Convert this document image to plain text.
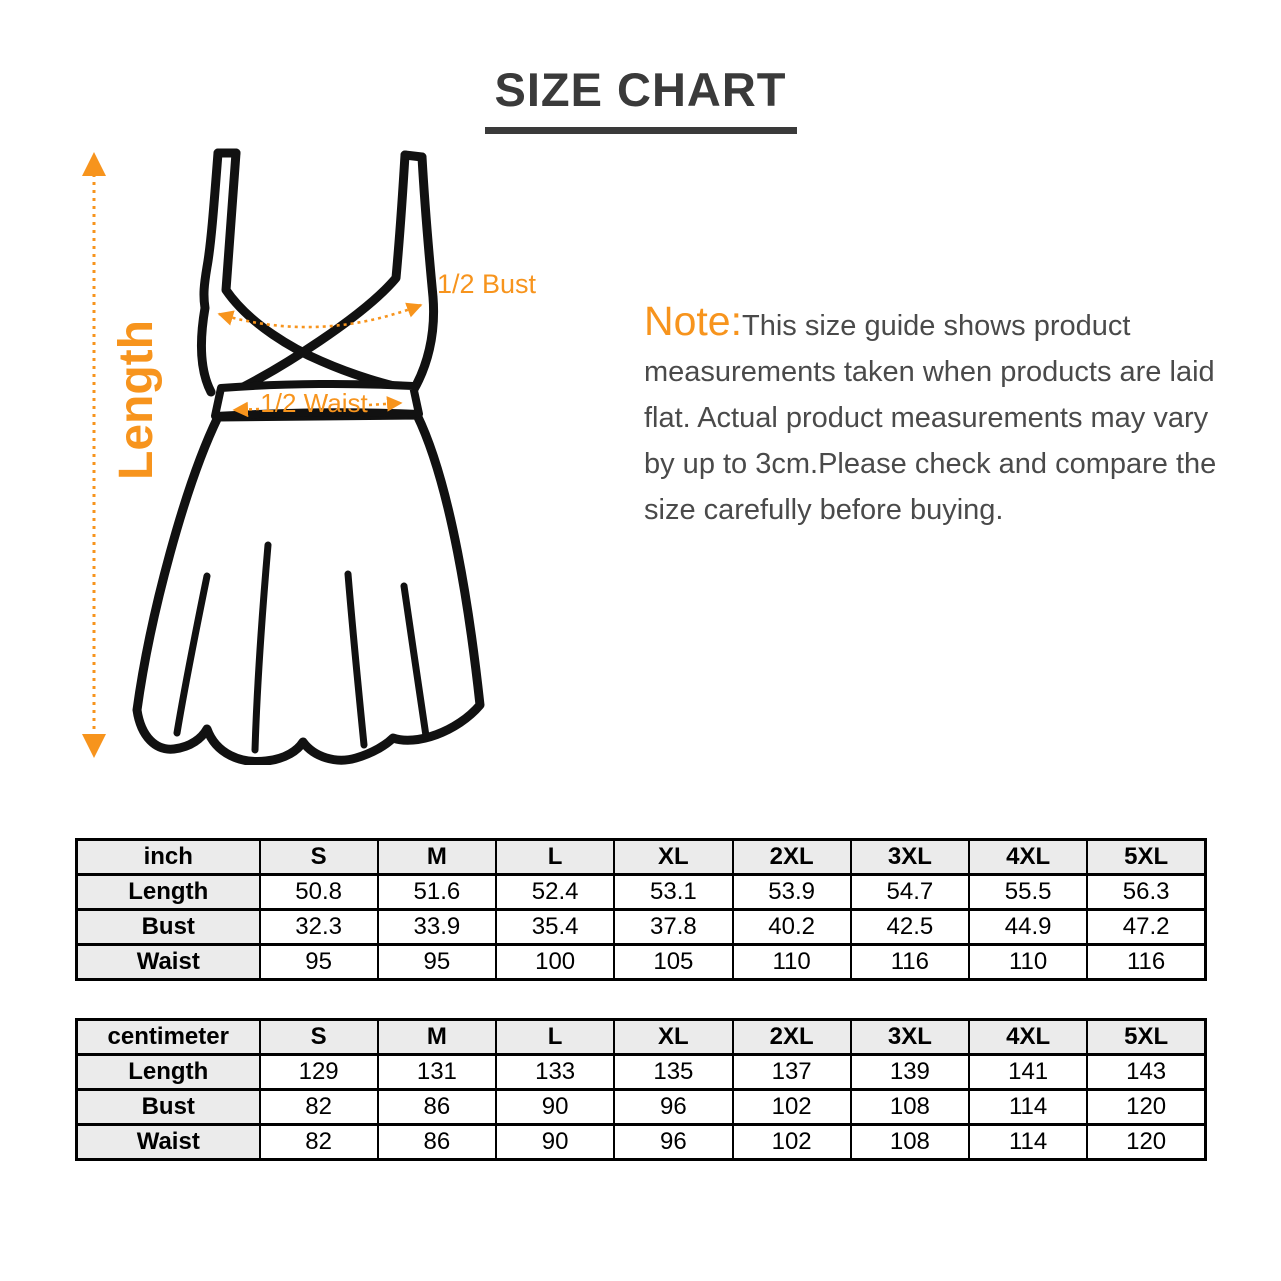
SIZE CHART
Length
1/2 Bust
1/2 Waist

Note:This size guide shows product measurements taken when products are laid flat. Actual product measurements may vary by up to 3cm.Please check and compare the size carefully before buying.

inch	S	M	L	XL	2XL	3XL	4XL	5XL
Length	50.8	51.6	52.4	53.1	53.9	54.7	55.5	56.3
Bust	32.3	33.9	35.4	37.8	40.2	42.5	44.9	47.2
Waist	95	95	100	105	110	116	110	116
centimeter	S	M	L	XL	2XL	3XL	4XL	5XL
Length	129	131	133	135	137	139	141	143
Bust	82	86	90	96	102	108	114	120
Waist	82	86	90	96	102	108	114	120
